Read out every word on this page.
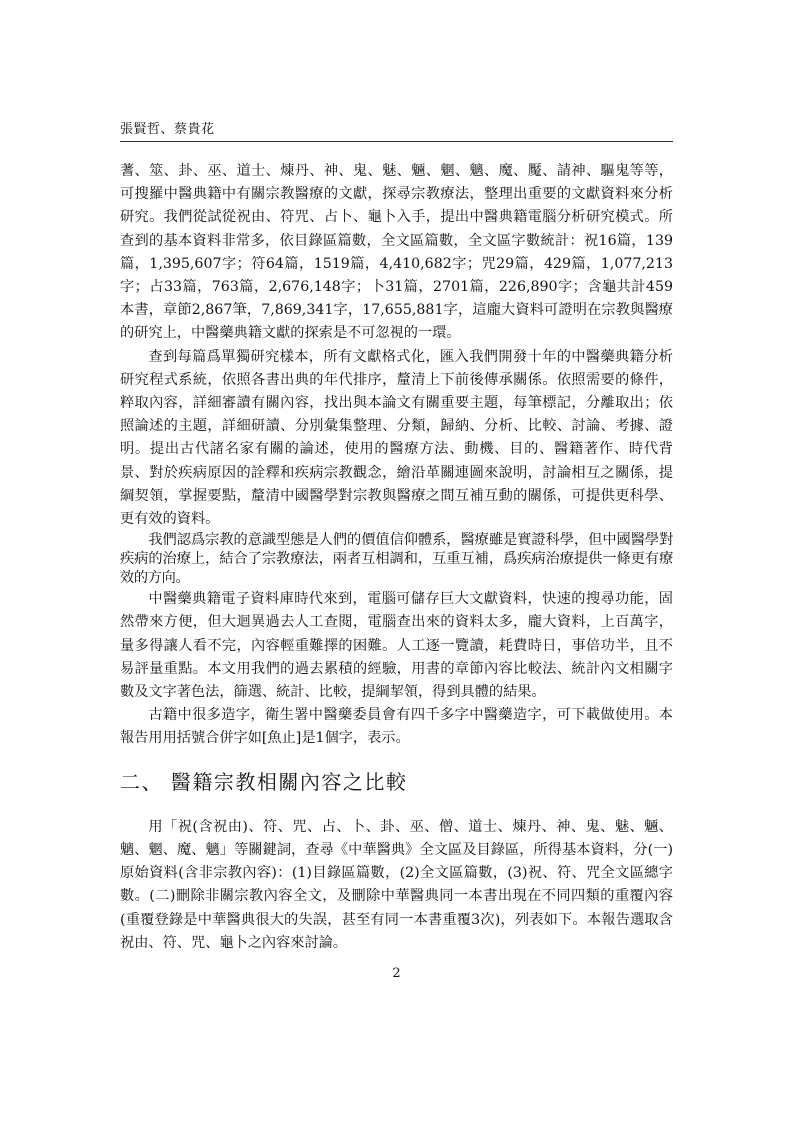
張賢哲、蔡貴花

蓍、筮、卦、巫、道士、煉丹、神、鬼、魅、魎、魍、魑、魔、魘、請神、驅鬼等等，可搜羅中醫典籍中有關宗教醫療的文獻，探尋宗教療法，整理出重要的文獻資料來分析研究。我們從試從祝由、符咒、占卜、龜卜入手，提出中醫典籍電腦分析研究模式。所查到的基本資料非常多，依目錄區篇數，全文區篇數，全文區字數統計：祝16篇，139篇，1,395,607字；符64篇，1519篇，4,410,682字；咒29篇，429篇，1,077,213字；占33篇，763篇，2,676,148字；卜31篇，2701篇，226,890字；含龜共計459本書，章節2,867筆，7,869,341字，17,655,881字，這龐大資料可證明在宗教與醫療的研究上，中醫藥典籍文獻的探索是不可忽視的一環。

查到每篇爲單獨研究樣本，所有文獻格式化，匯入我們開發十年的中醫藥典籍分析研究程式系統，依照各書出典的年代排序，釐清上下前後傳承關係。依照需要的條件，粹取內容，詳細審讀有關內容，找出與本論文有關重要主題，每筆標記，分離取出；依照論述的主題，詳細研讀、分別彙集整理、分類，歸納、分析、比較、討論、考據、證明。提出古代諸名家有關的論述，使用的醫療方法、動機、目的、醫籍著作、時代背景、對於疾病原因的詮釋和疾病宗教觀念，繪沿革關連圖來說明，討論相互之關係，提綱契領，掌握要點，釐清中國醫學對宗教與醫療之間互補互動的關係，可提供更科學、更有效的資料。

我們認爲宗教的意識型態是人們的價值信仰體系，醫療雖是實證科學，但中國醫學對疾病的治療上，結合了宗教療法，兩者互相調和，互重互補，爲疾病治療提供一條更有療效的方向。

中醫藥典籍電子資料庫時代來到，電腦可儲存巨大文獻資料，快速的搜尋功能，固然帶來方便，但大迴異過去人工查閱，電腦查出來的資料太多，龐大資料，上百萬字，量多得讓人看不完，內容輕重難擇的困難。人工逐一覽讀，耗費時日，事倍功半，且不易評量重點。本文用我們的過去累積的經驗，用書的章節內容比較法、統計內文相關字數及文字著色法，篩選、統計、比較，提綱挈領，得到具體的結果。

古籍中很多造字，衛生署中醫藥委員會有四千多字中醫藥造字，可下載做使用。本報告用用括號合併字如[魚止]是1個字，表示。

二、 醫籍宗教相關內容之比較

用「祝(含祝由)、符、咒、占、卜、卦、巫、僧、道士、煉丹、神、鬼、魅、魎、魑、魍、魔、魑」等關鍵詞，查尋《中華醫典》全文區及目錄區，所得基本資料，分(一) 原始資料(含非宗教內容)：(1)目錄區篇數，(2)全文區篇數，(3)祝、符、咒全文區總字數。(二)刪除非關宗教內容全文，及刪除中華醫典同一本書出現在不同四類的重覆內容(重覆登錄是中華醫典很大的失誤，甚至有同一本書重覆3次)，列表如下。本報告選取含祝由、符、咒、龜卜之內容來討論。

2
